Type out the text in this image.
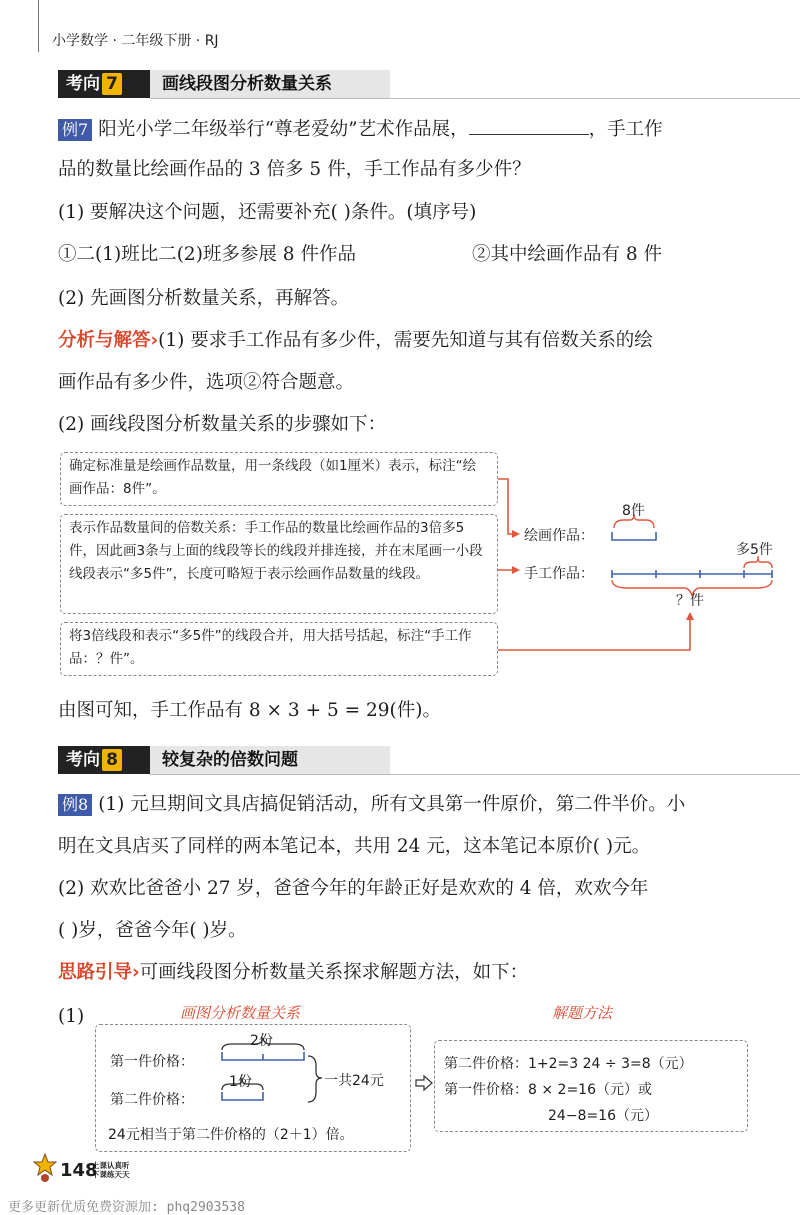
小学数学 · 二年级下册 · RJ
考向 7	画线段图分析数量关系
例7 阳光小学二年级举行“尊老爱幼”艺术作品展，	，手工作
品的数量比绘画作品的 3 倍多 5 件，手工作品有多少件？
(1) 要解决这个问题，还需要补充( )条件。(填序号)
①二(1)班比二(2)班多参展 8 件作品	②其中绘画作品有 8 件
(2) 先画图分析数量关系，再解答。
分析与解答›(1) 要求手工作品有多少件，需要先知道与其有倍数关系的绘
画作品有多少件，选项②符合题意。
(2) 画线段图分析数量关系的步骤如下：
确定标准量是绘画作品数量，用一条线段（如1厘米）表示，标注“绘画作品：8件”。
表示作品数量间的倍数关系：手工作品的数量比绘画作品的3倍多5件，因此画3条与上面的线段等长的线段并排连接，并在末尾画一小段线段表示“多5件”，长度可略短于表示绘画作品数量的线段。
将3倍线段和表示“多5件”的线段合并，用大括号括起，标注“手工作品：？件”。
绘画作品：
手工作品：
8件
多5件
？件
由图可知，手工作品有 8 × 3 + 5 = 29(件)。
考向 8	较复杂的倍数问题
例8 (1) 元旦期间文具店搞促销活动，所有文具第一件原价，第二件半价。小
明在文具店买了同样的两本笔记本，共用 24 元，这本笔记本原价( )元。
(2) 欢欢比爸爸小 27 岁，爸爸今年的年龄正好是欢欢的 4 倍，欢欢今年
( )岁，爸爸今年( )岁。
思路引导›可画线段图分析数量关系探求解题方法，如下：
(1)	画图分析数量关系	解题方法
第一件价格：
第二件价格：
2份
1份	一共24元
24元相当于第二件价格的（2＋1）倍。
第二件价格：1+2=3 24 ÷ 3=8（元）
第一件价格：8 × 2=16（元）或
24−8=16（元）
148
上课认真听
下课练天天
更多更新优质免费资源加: phq2903538
